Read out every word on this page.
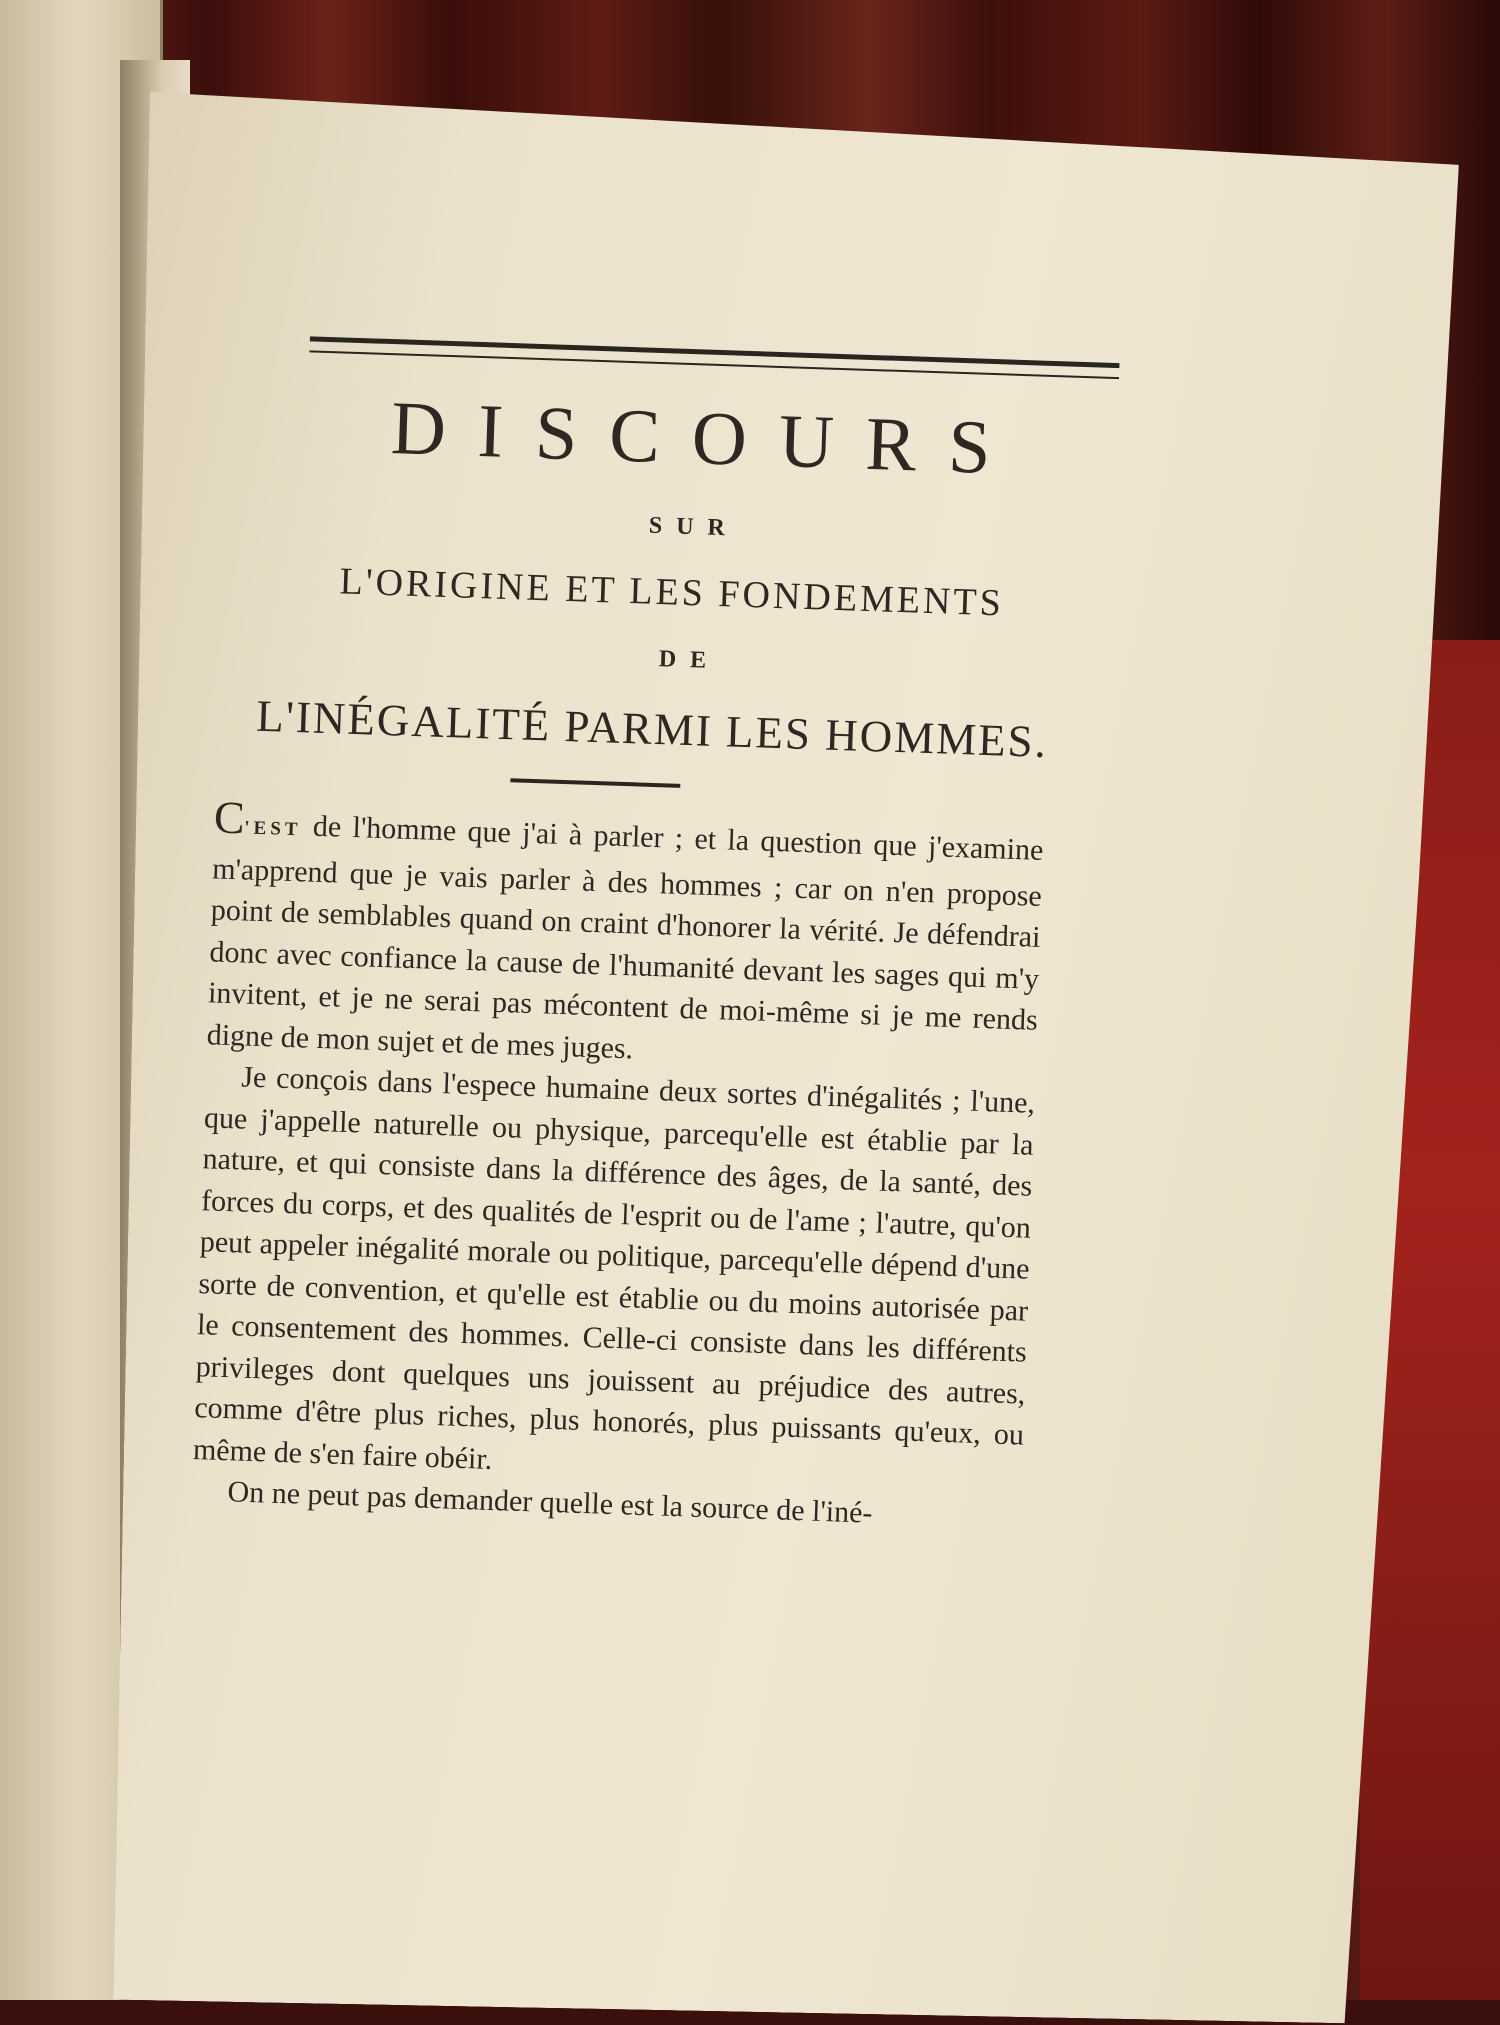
DISCOURS
SUR
L'ORIGINE ET LES FONDEMENTS
DE
L'INÉGALITÉ PARMI LES HOMMES.

C'EST de l'homme que j'ai à parler ; et la question que j'examine m'apprend que je vais parler à des hommes ; car on n'en propose point de semblables quand on craint d'honorer la vérité. Je défendrai donc avec confiance la cause de l'humanité devant les sages qui m'y invitent, et je ne serai pas mécontent de moi-même si je me rends digne de mon sujet et de mes juges.

Je conçois dans l'espece humaine deux sortes d'inégalités ; l'une, que j'appelle naturelle ou physique, parcequ'elle est établie par la nature, et qui consiste dans la différence des âges, de la santé, des forces du corps, et des qualités de l'esprit ou de l'ame ; l'autre, qu'on peut appeler inégalité morale ou politique, parcequ'elle dépend d'une sorte de convention, et qu'elle est établie ou du moins autorisée par le consentement des hommes. Celle-ci consiste dans les différents privileges dont quelques uns jouissent au préjudice des autres, comme d'être plus riches, plus honorés, plus puissants qu'eux, ou même de s'en faire obéir.

On ne peut pas demander quelle est la source de l'iné-
